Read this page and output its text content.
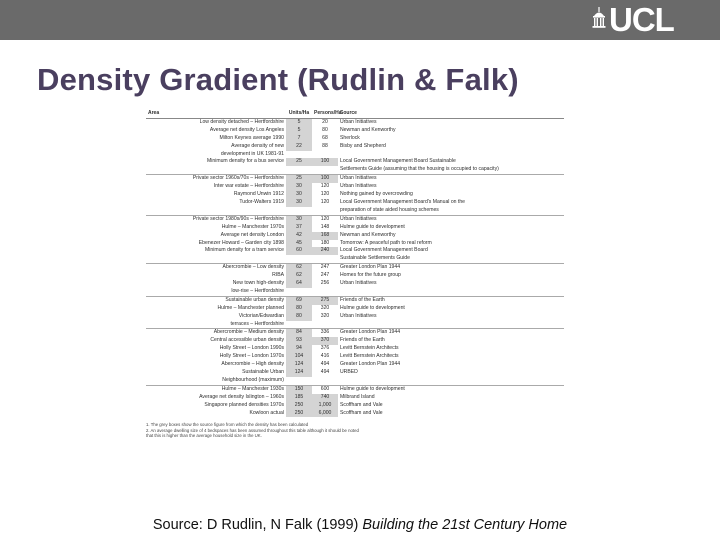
UCL
Density Gradient (Rudlin & Falk)
Area	Units/Ha	Persons/Ha	Source
Low density detached – Hertfordshire	5	20	Urban Initiatives
Average net density Los Angeles	5	80	Newman and Kenworthy
Milton Keynes average 1990	7	68	Sherlock
Average density of new	22	88	Bisby and Shepherd
development in UK 1981-91			
Minimum density for a bus service	25	100	Local Government Management Board Sustainable
			Settlements Guide (assuming that the housing is occupied to capacity)
Private sector 1960s/70s – Hertfordshire	25	100	Urban Initiatives
Inter war estate – Hertfordshire	30	120	Urban Initiatives
Raymond Unwin 1912	30	120	Nothing gained by overcrowding
Tudor-Walters 1919	30	120	Local Government Management Board's Manual on the
			preparation of state aided housing schemes
Private sector 1980s/90s – Hertfordshire	30	120	Urban Initiatives
Hulme – Manchester 1970s	37	148	Hulme guide to development
Average net density London	42	168	Newman and Kenworthy
Ebenezer Howard – Garden city 1898	45	180	Tomorrow: A peaceful path to real reform
Minimum density for a tram service	60	240	Local Government Management Board
			Sustainable Settlements Guide
Abercrombie – Low density	62	247	Greater London Plan 1944
RIBA	62	247	Homes for the future group
New town high-density	64	256	Urban Initiatives
low-rise – Hertfordshire			
Sustainable urban density	69	275	Friends of the Earth
Hulme – Manchester planned	80	320	Hulme guide to development
Victorian/Edwardian	80	320	Urban Initiatives
terraces – Hertfordshire			
Abercrombie – Medium density	84	336	Greater London Plan 1944
Central accessible urban density	93	370	Friends of the Earth
Holly Street – London 1990s	94	376	Levitt Bernstein Architects
Holly Street – London 1970s	104	416	Levitt Bernstein Architects
Abercrombie – High density	124	494	Greater London Plan 1944
Sustainable Urban	124	494	URBED
Neighbourhood (maximum)			
Hulme – Manchester 1930s	150	600	Hulme guide to development
Average net density Islington – 1960s	185	740	Milbrand Island
Singapore planned densities 1970s	250	1,000	Scoffham and Vale
Kowloon actual	250	6,000	Scoffham and Vale
1. The grey boxes show the source figure from which the density has been calculated
2. An average dwelling size of 4 bedspaces has been assumed throughout this table although it should be noted
that this is higher than the average household size in the UK.

Source: D Rudlin, N Falk (1999) Building the 21st Century Home
